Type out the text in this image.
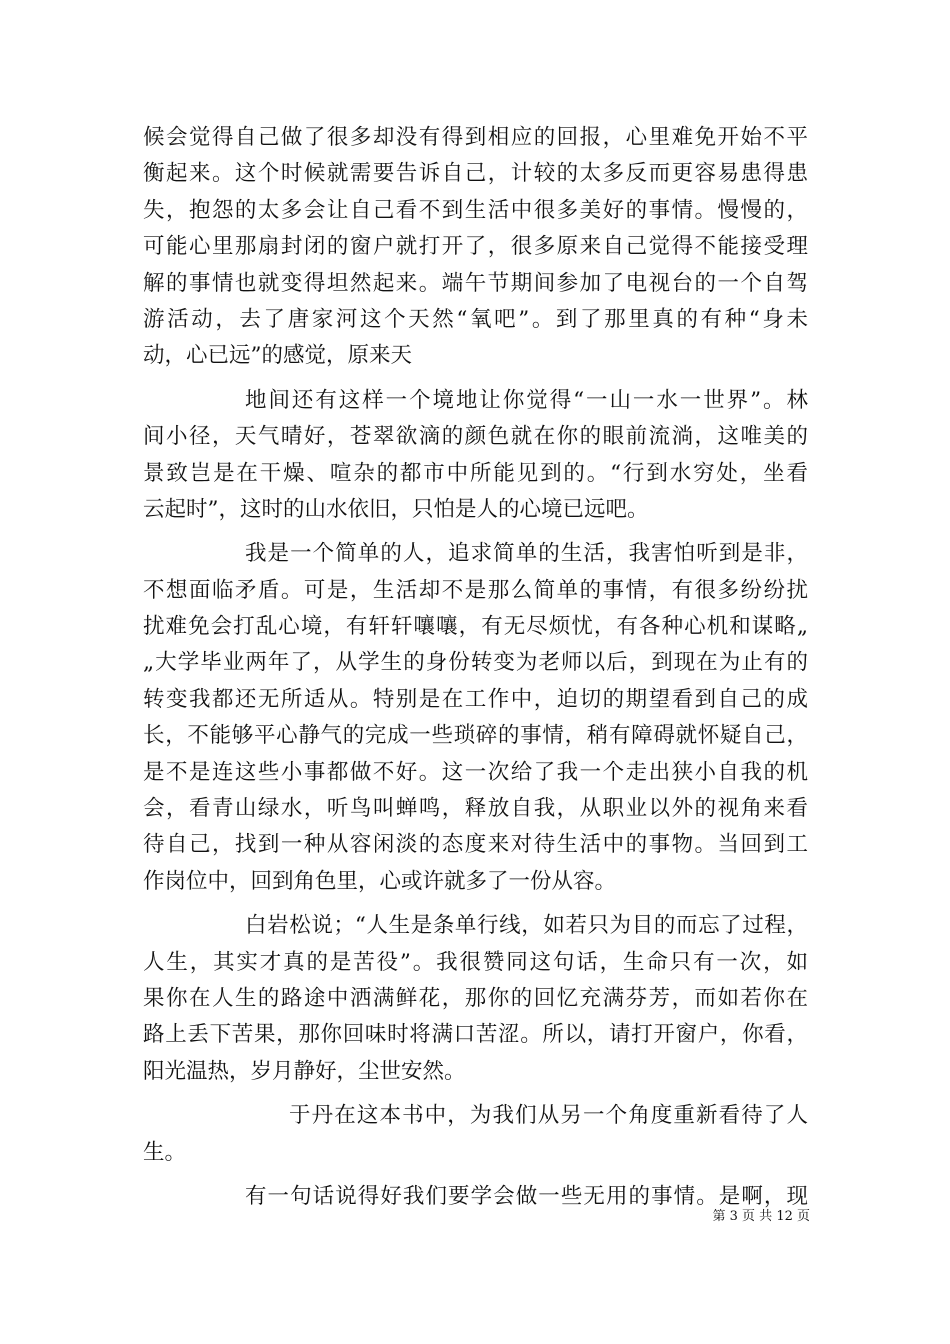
候会觉得自己做了很多却没有得到相应的回报，心里难免开始不平
衡起来。这个时候就需要告诉自己，计较的太多反而更容易患得患
失，抱怨的太多会让自己看不到生活中很多美好的事情。慢慢的，
可能心里那扇封闭的窗户就打开了，很多原来自己觉得不能接受理
解的事情也就变得坦然起来。端午节期间参加了电视台的一个自驾
游活动，去了唐家河这个天然“氧吧”。到了那里真的有种“身未
动，心已远”的感觉，原来天
地间还有这样一个境地让你觉得“一山一水一世界”。林
间小径，天气晴好，苍翠欲滴的颜色就在你的眼前流淌，这唯美的
景致岂是在干燥、喧杂的都市中所能见到的。“行到水穷处，坐看
云起时”，这时的山水依旧，只怕是人的心境已远吧。
我是一个简单的人，追求简单的生活，我害怕听到是非，
不想面临矛盾。可是，生活却不是那么简单的事情，有很多纷纷扰
扰难免会打乱心境，有轩轩嚷嚷，有无尽烦忧，有各种心机和谋略„
„大学毕业两年了，从学生的身份转变为老师以后，到现在为止有的
转变我都还无所适从。特别是在工作中，迫切的期望看到自己的成
长，不能够平心静气的完成一些琐碎的事情，稍有障碍就怀疑自己，
是不是连这些小事都做不好。这一次给了我一个走出狭小自我的机
会，看青山绿水，听鸟叫蝉鸣，释放自我，从职业以外的视角来看
待自己，找到一种从容闲淡的态度来对待生活中的事物。当回到工
作岗位中，回到角色里，心或许就多了一份从容。
白岩松说；“人生是条单行线，如若只为目的而忘了过程，
人生，其实才真的是苦役”。我很赞同这句话，生命只有一次，如
果你在人生的路途中洒满鲜花，那你的回忆充满芬芳，而如若你在
路上丢下苦果，那你回味时将满口苦涩。所以，请打开窗户，你看，
阳光温热，岁月静好，尘世安然。
于丹在这本书中，为我们从另一个角度重新看待了人
生。
有一句话说得好我们要学会做一些无用的事情。是啊，现
第 3 页 共 12 页
